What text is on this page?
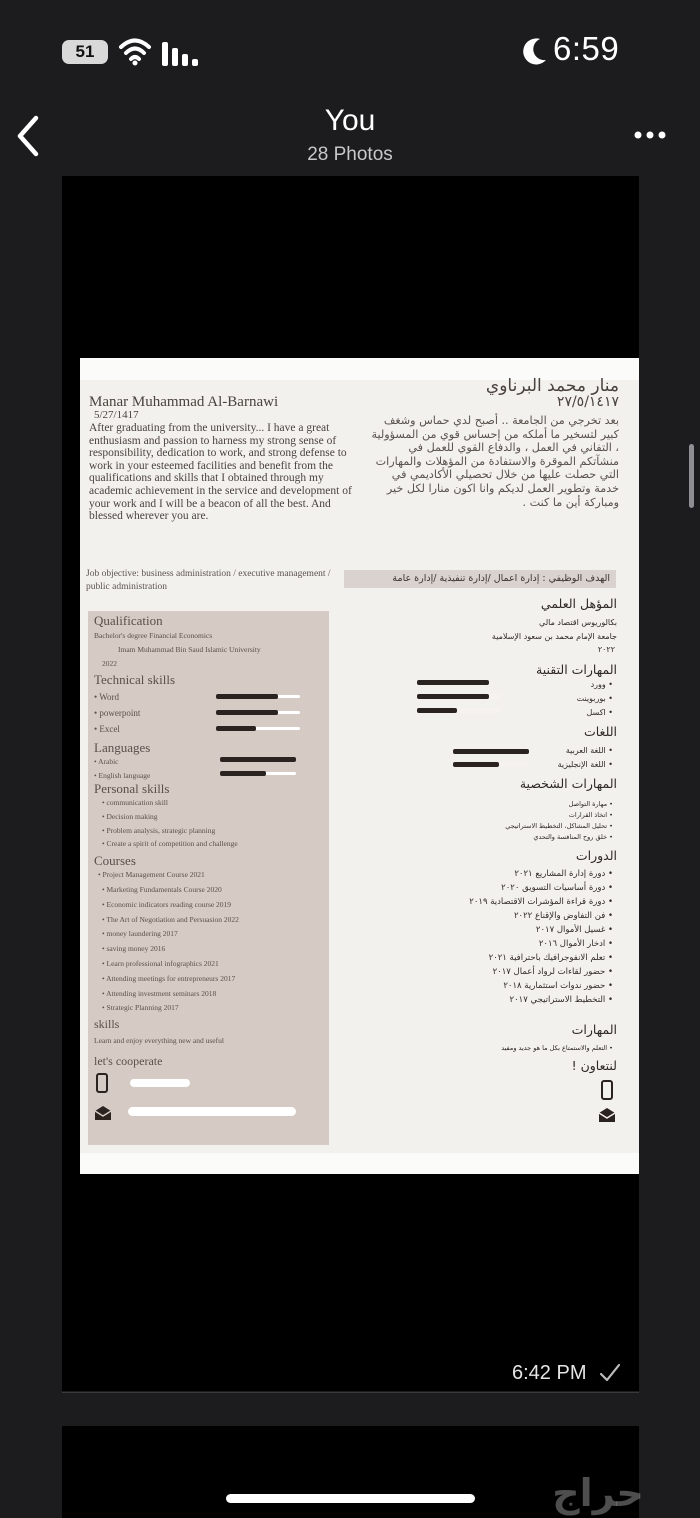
51	6:59
You
28 Photos
Manar Muhammad Al-Barnawi
5/27/1417
After graduating from the university... I have a great enthusiasm and passion to harness my strong sense of responsibility, dedication to work, and strong defense to work in your esteemed facilities and benefit from the qualifications and skills that I obtained through my academic achievement in the service and development of your work and I will be a beacon of all the best. And blessed wherever you are.
منار محمد البرناوي
٢٧/٥/١٤١٧
بعد تخرجي من الجامعة .. أصبح لدي حماس وشغف كبير لتسخير ما أملكه من إحساس قوي من المسؤولية ، التفاني في العمل ، والدفاع القوي للعمل في منشآتكم الموقرة والاستفادة من المؤهلات والمهارات التي حصلت عليها من خلال تحصيلي الأكاديمي في خدمة وتطوير العمل لديكم وانا اكون منارا لكل خير ومباركة أين ما كنت .
Job objective: business administration / executive management / public administration
الهدف الوظيفي : إدارة اعمال /إدارة تنفيذية /إدارة عامة
Qualification
Bachelor's degree Financial Economics
Imam Muhammad Bin Saud Islamic University
2022
Technical skills
• Word
• powerpoint
• Excel
Languages
• Arabic
• English language
Personal skills
• communication skill
• Decision making
• Problem analysis, strategic planning
• Create a spirit of competition and challenge
Courses
• Project Management Course 2021
• Marketing Fundamentals Course 2020
• Economic indicators reading course 2019
• The Art of Negotiation and Persuasion 2022
• money laundering 2017
• saving money 2016
• Learn professional infographics 2021
• Attending meetings for entrepreneurs 2017
• Attending investment seminars 2018
• Strategic Planning 2017
skills
Learn and enjoy everything new and useful
let's cooperate
المؤهل العلمي
بكالوريوس اقتصاد مالي
جامعة الإمام محمد بن سعود الإسلامية
٢٠٢٢
المهارات التقنية
• وورد
• بوربوينت
• اكسل
اللغات
• اللغة العربية
• اللغة الإنجليزية
المهارات الشخصية
• مهارة التواصل
• اتخاذ القرارات
• تحليل المشاكل، التخطيط الاستراتيجي
• خلق روح المنافسة والتحدي
الدورات
• دورة إدارة المشاريع ٢٠٢١
• دورة أساسيات التسويق ٢٠٢٠
• دورة قراءة المؤشرات الاقتصادية ٢٠١٩
• فن التفاوض والإقناع ٢٠٢٢
• غسيل الأموال ٢٠١٧
• ادخار الأموال ٢٠١٦
• تعلم الانفوجرافيك باحترافية ٢٠٢١
• حضور لقاءات لرواد أعمال ٢٠١٧
• حضور ندوات استثمارية ٢٠١٨
• التخطيط الاستراتيجي ٢٠١٧
المهارات
• التعلم والاستمتاع بكل ما هو جديد ومفيد
لنتعاون !
6:42 PM
حراج
